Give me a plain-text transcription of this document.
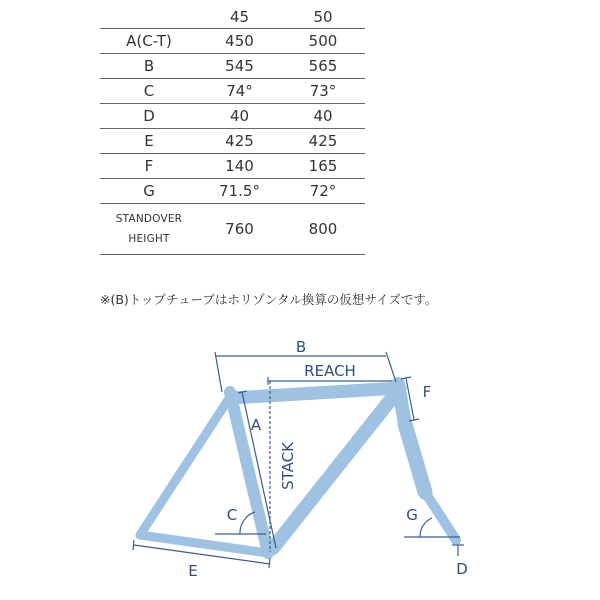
	45	50
A(C-T)	450	500
B	545	565
C	74°	73°
D	40	40
E	425	425
F	140	165
G	71.5°	72°

STANDOVER
HEIGHT	760	800
※(B)トップチューブはホリゾンタル換算の仮想サイズです。
B
REACH
A
STACK
F
C	G
E	D
